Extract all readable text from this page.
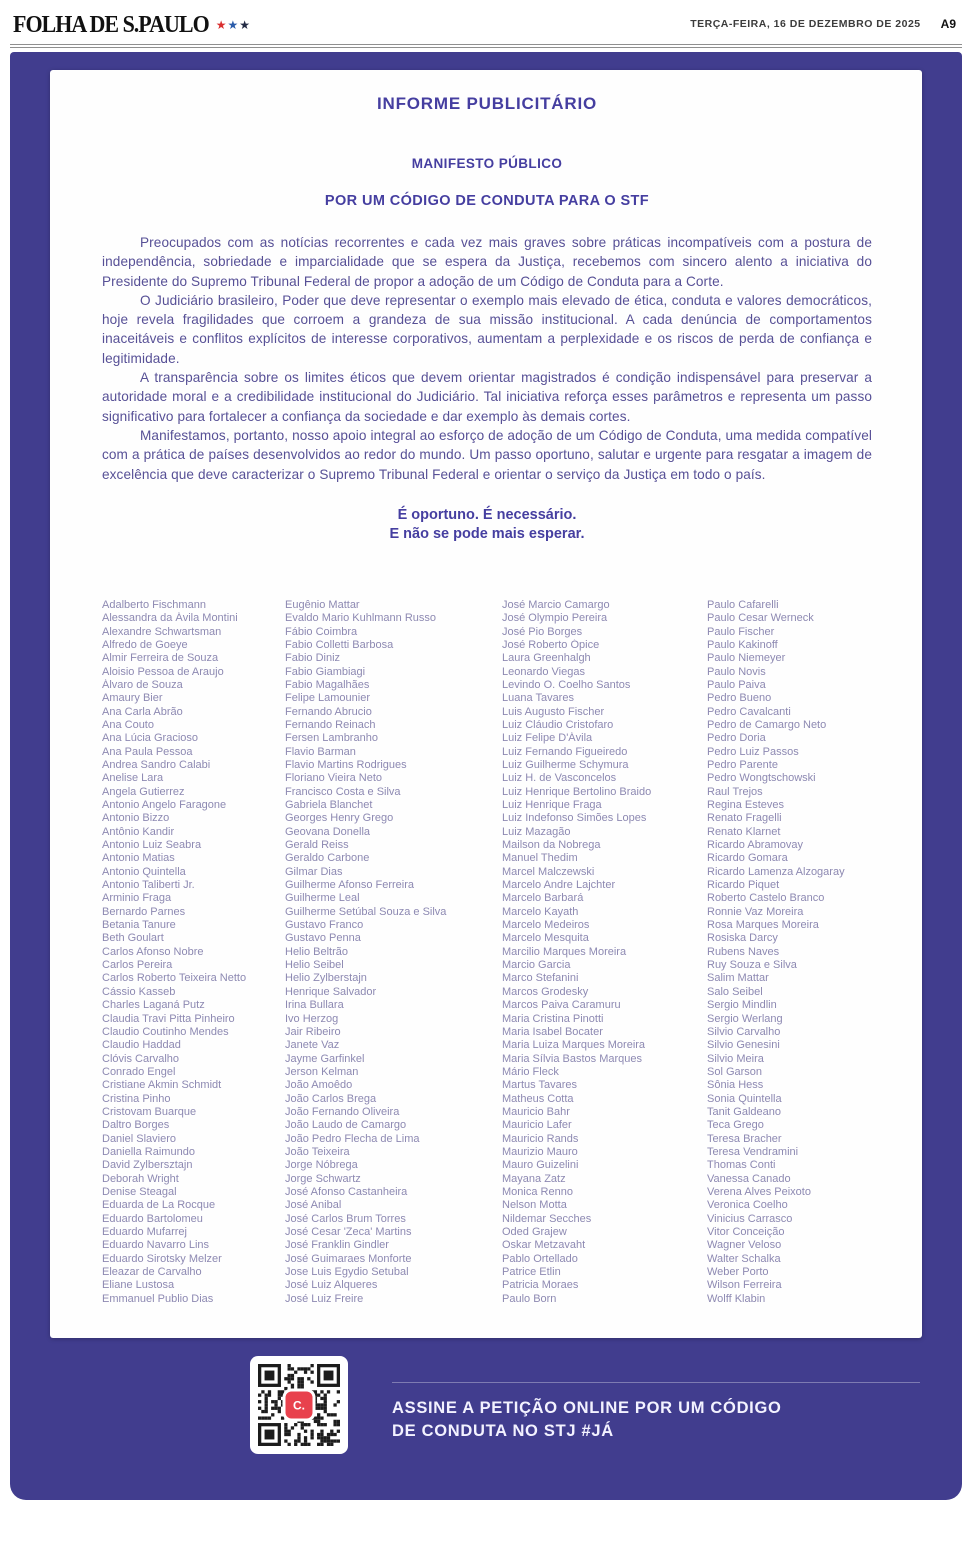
FOLHA DE S.PAULO ★ ★ ★	TERÇA-FEIRA, 16 DE DEZEMBRO DE 2025 A9
INFORME PUBLICITÁRIO
MANIFESTO PÚBLICO
POR UM CÓDIGO DE CONDUTA PARA O STF

Preocupados com as notícias recorrentes e cada vez mais graves sobre práticas incompatíveis com a postura de independência, sobriedade e imparcialidade que se espera da Justiça, recebemos com sincero alento a iniciativa do Presidente do Supremo Tribunal Federal de propor a adoção de um Código de Conduta para a Corte.

O Judiciário brasileiro, Poder que deve representar o exemplo mais elevado de ética, conduta e valores democráticos, hoje revela fragilidades que corroem a grandeza de sua missão institucional. A cada denúncia de comportamentos inaceitáveis e conflitos explícitos de interesse corporativos, aumentam a perplexidade e os riscos de perda de confiança e legitimidade.

A transparência sobre os limites éticos que devem orientar magistrados é condição indispensável para preservar a autoridade moral e a credibilidade institucional do Judiciário. Tal iniciativa reforça esses parâmetros e representa um passo significativo para fortalecer a confiança da sociedade e dar exemplo às demais cortes.

Manifestamos, portanto, nosso apoio integral ao esforço de adoção de um Código de Conduta, uma medida compatível com a prática de países desenvolvidos ao redor do mundo. Um passo oportuno, salutar e urgente para resgatar a imagem de excelência que deve caracterizar o Supremo Tribunal Federal e orientar o serviço da Justiça em todo o país.

É oportuno. É necessário.
E não se pode mais esperar.
Adalberto Fischmann
Alessandra da Ávila Montini
Alexandre Schwartsman
Alfredo de Goeye
Almir Ferreira de Souza
Aloisio Pessoa de Araujo
Álvaro de Souza
Amaury Bier
Ana Carla Abrão
Ana Couto
Ana Lúcia Gracioso
Ana Paula Pessoa
Andrea Sandro Calabi
Anelise Lara
Angela Gutierrez
Antonio Angelo Faragone
Antonio Bizzo
Antônio Kandir
Antonio Luiz Seabra
Antonio Matias
Antonio Quintella
Antonio Taliberti Jr.
Arminio Fraga
Bernardo Parnes
Betania Tanure
Beth Goulart
Carlos Afonso Nobre
Carlos Pereira
Carlos Roberto Teixeira Netto
Cássio Kasseb
Charles Laganá Putz
Claudia Travi Pitta Pinheiro
Claudio Coutinho Mendes
Claudio Haddad
Clóvis Carvalho
Conrado Engel
Cristiane Akmin Schmidt
Cristina Pinho
Cristovam Buarque
Daltro Borges
Daniel Slaviero
Daniella Raimundo
David Zylbersztajn
Deborah Wright
Denise Steagal
Eduarda de La Rocque
Eduardo Bartolomeu
Eduardo Mufarrej
Eduardo Navarro Lins
Eduardo Sirotsky Melzer
Eleazar de Carvalho
Eliane Lustosa
Emmanuel Publio Dias
Eugênio Mattar
Evaldo Mario Kuhlmann Russo
Fábio Coimbra
Fabio Colletti Barbosa
Fabio Diniz
Fabio Giambiagi
Fabio Magalhães
Felipe Lamounier
Fernando Abrucio
Fernando Reinach
Fersen Lambranho
Flavio Barman
Flavio Martins Rodrigues
Floriano Vieira Neto
Francisco Costa e Silva
Gabriela Blanchet
Georges Henry Grego
Geovana Donella
Gerald Reiss
Geraldo Carbone
Gilmar Dias
Guilherme Afonso Ferreira
Guilherme Leal
Guilherme Setúbal Souza e Silva
Gustavo Franco
Gustavo Penna
Helio Beltrão
Helio Seibel
Helio Zylberstajn
Henrique Salvador
Irina Bullara
Ivo Herzog
Jair Ribeiro
Janete Vaz
Jayme Garfinkel
Jerson Kelman
João Amoêdo
João Carlos Brega
João Fernando Oliveira
João Laudo de Camargo
João Pedro Flecha de Lima
João Teixeira
Jorge Nóbrega
Jorge Schwartz
José Afonso Castanheira
José Anibal
José Carlos Brum Torres
José Cesar 'Zeca' Martins
José Franklin Gindler
José Guimaraes Monforte
Jose Luis Egydio Setubal
José Luiz Alqueres
José Luiz Freire
José Marcio Camargo
José Olympio Pereira
José Pio Borges
José Roberto Ópice
Laura Greenhalgh
Leonardo Viegas
Levindo O. Coelho Santos
Luana Tavares
Luis Augusto Fischer
Luiz Cláudio Cristofaro
Luiz Felipe D'Ávila
Luiz Fernando Figueiredo
Luiz Guilherme Schymura
Luiz H. de Vasconcelos
Luiz Henrique Bertolino Braido
Luiz Henrique Fraga
Luiz Indefonso Simões Lopes
Luiz Mazagão
Mailson da Nobrega
Manuel Thedim
Marcel Malczewski
Marcelo Andre Lajchter
Marcelo Barbará
Marcelo Kayath
Marcelo Medeiros
Marcelo Mesquita
Marcilio Marques Moreira
Marcio Garcia
Marco Stefanini
Marcos Grodesky
Marcos Paiva Caramuru
Maria Cristina Pinotti
Maria Isabel Bocater
Maria Luiza Marques Moreira
Maria Sílvia Bastos Marques
Mário Fleck
Martus Tavares
Matheus Cotta
Mauricio Bahr
Mauricio Lafer
Mauricio Rands
Maurizio Mauro
Mauro Guizelini
Mayana Zatz
Monica Renno
Nelson Motta
Nildemar Secches
Oded Grajew
Oskar Metzavaht
Pablo Ortellado
Patrice Etlin
Patricia Moraes
Paulo Born
Paulo Cafarelli
Paulo Cesar Werneck
Paulo Fischer
Paulo Kakinoff
Paulo Niemeyer
Paulo Novis
Paulo Paiva
Pedro Bueno
Pedro Cavalcanti
Pedro de Camargo Neto
Pedro Doria
Pedro Luiz Passos
Pedro Parente
Pedro Wongtschowski
Raul Trejos
Regina Esteves
Renato Fragelli
Renato Klarnet
Ricardo Abramovay
Ricardo Gomara
Ricardo Lamenza Alzogaray
Ricardo Piquet
Roberto Castelo Branco
Ronnie Vaz Moreira
Rosa Marques Moreira
Rosiska Darcy
Rubens Naves
Ruy Souza e Silva
Salim Mattar
Salo Seibel
Sergio Mindlin
Sergio Werlang
Silvio Carvalho
Silvio Genesini
Silvio Meira
Sol Garson
Sônia Hess
Sonia Quintella
Tanit Galdeano
Teca Grego
Teresa Bracher
Teresa Vendramini
Thomas Conti
Vanessa Canado
Verena Alves Peixoto
Veronica Coelho
Vinicius Carrasco
Vitor Conceição
Wagner Veloso
Walter Schalka
Weber Porto
Wilson Ferreira
Wolff Klabin
C.	ASSINE A PETIÇÃO ONLINE POR UM CÓDIGO
DE CONDUTA NO STJ #JÁ
